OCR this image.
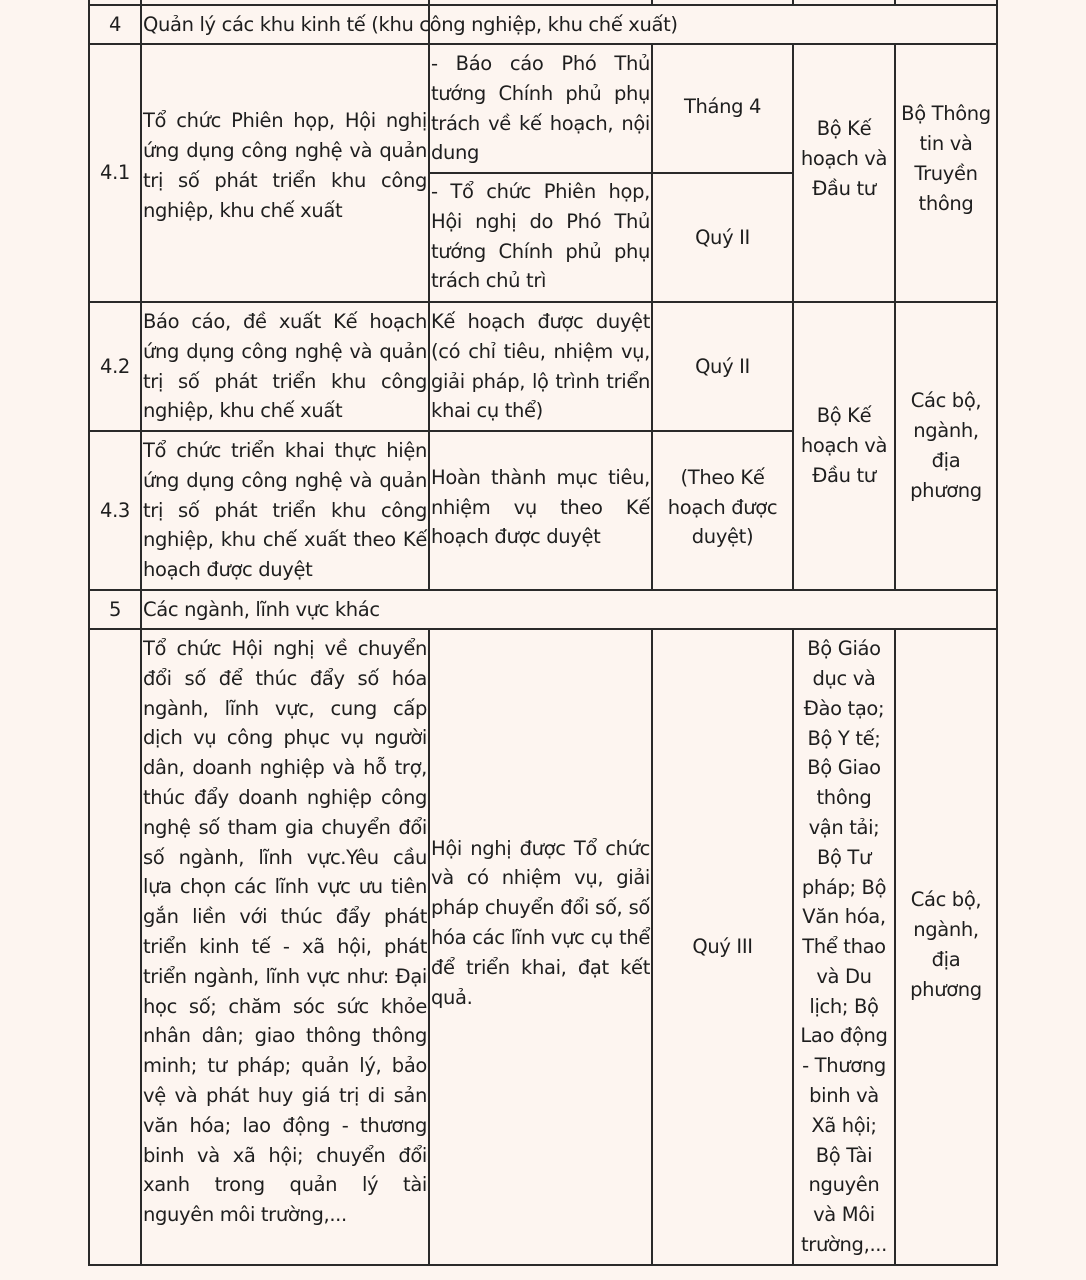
4	Quản lý các khu kinh tế (khu công nghiệp, khu chế xuất)
4.1
Tổ chức Phiên họp, Hội nghị ứng dụng công nghệ và quản trị số phát triển khu công nghiệp, khu chế xuất
- Báo cáo Phó Thủ tướng Chính phủ phụ trách về kế hoạch, nội dung
- Tổ chức Phiên họp, Hội nghị do Phó Thủ tướng Chính phủ phụ trách chủ trì
Tháng 4
Quý II
Bộ Kế
hoạch và
Đầu tư
Bộ Thông
tin và
Truyền
thông
4.2
Báo cáo, đề xuất Kế hoạch ứng dụng công nghệ và quản trị số phát triển khu công nghiệp, khu chế xuất
Kế hoạch được duyệt (có chỉ tiêu, nhiệm vụ, giải pháp, lộ trình triển khai cụ thể)
Quý II
4.3
Tổ chức triển khai thực hiện ứng dụng công nghệ và quản trị số phát triển khu công nghiệp, khu chế xuất theo Kế hoạch được duyệt
Hoàn thành mục tiêu, nhiệm vụ theo Kế hoạch được duyệt
(Theo Kế
hoạch được
duyệt)
Bộ Kế
hoạch và
Đầu tư
Các bộ,
ngành,
địa
phương
5	Các ngành, lĩnh vực khác
Tổ chức Hội nghị về chuyển đổi số để thúc đẩy số hóa ngành, lĩnh vực, cung cấp dịch vụ công phục vụ người dân, doanh nghiệp và hỗ trợ, thúc đẩy doanh nghiệp công nghệ số tham gia chuyển đổi số ngành, lĩnh vực.Yêu cầu lựa chọn các lĩnh vực ưu tiên gắn liền với thúc đẩy phát triển kinh tế - xã hội, phát triển ngành, lĩnh vực như: Đại học số; chăm sóc sức khỏe nhân dân; giao thông thông minh; tư pháp; quản lý, bảo vệ và phát huy giá trị di sản văn hóa; lao động - thương binh và xã hội; chuyển đổi xanh trong quản lý tài nguyên môi trường,...
Hội nghị được Tổ chức và có nhiệm vụ, giải pháp chuyển đổi số, số hóa các lĩnh vực cụ thể để triển khai, đạt kết quả.
Quý III
Bộ Giáo
dục và
Đào tạo;
Bộ Y tế;
Bộ Giao
thông
vận tải;
Bộ Tư
pháp; Bộ
Văn hóa,
Thể thao
và Du
lịch; Bộ
Lao động
- Thương
binh và
Xã hội;
Bộ Tài
nguyên
và Môi
trường,...
Các bộ,
ngành,
địa
phương
